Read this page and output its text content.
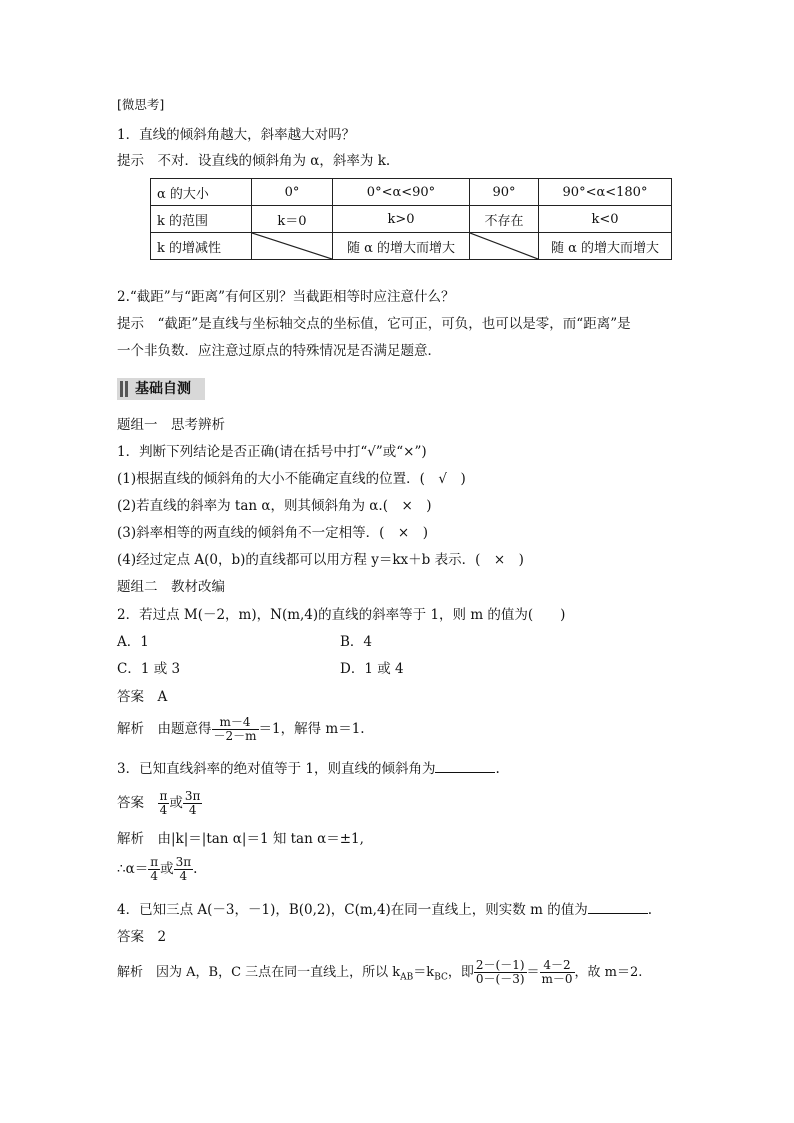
[微思考]
1．直线的倾斜角越大，斜率越大对吗？
提示　不对．设直线的倾斜角为 α，斜率为 k.
α 的大小	0°	0°<α<90°	90°	90°<α<180°
k 的范围	k＝0	k>0	不存在	k<0
k 的增减性		随 α 的增大而增大		随 α 的增大而增大
2.“截距”与“距离”有何区别？当截距相等时应注意什么？
提示　“截距”是直线与坐标轴交点的坐标值，它可正，可负，也可以是零，而“距离”是
一个非负数．应注意过原点的特殊情况是否满足题意．
基础自测
题组一　思考辨析
1．判断下列结论是否正确(请在括号中打“√”或“×”)
(1)根据直线的倾斜角的大小不能确定直线的位置．(　√　)
(2)若直线的斜率为 tan α，则其倾斜角为 α.(　×　)
(3)斜率相等的两直线的倾斜角不一定相等．(　×　)
(4)经过定点 A(0，b)的直线都可以用方程 y＝kx＋b 表示．(　×　)
题组二　教材改编
2．若过点 M(－2，m)，N(m,4)的直线的斜率等于 1，则 m 的值为(　　)
A．1	B．4
C．1 或 3	D．1 或 4
答案　A
解析　由题意得 $\frac{m-4}{-2-m} =1$，解得 m＝1.
3．已知直线斜率的绝对值等于 1，则直线的倾斜角为	.
答案　 $\frac{\pi}{4}$ 或 $\frac{3\pi}{4}$
解析　由|k|＝|tan α|＝1 知 tan α＝±1,
∴α＝ $\frac{\pi}{4}$ 或 $\frac{3\pi}{4}$ .
4．已知三点 A(－3，－1)，B(0,2)，C(m,4)在同一直线上，则实数 m 的值为	.
答案　2
解析　因为 A，B，C 三点在同一直线上，所以 $k_{AB}=k_{BC}$，即 $\frac{2-(-1)}{0-(-3)} = \frac{4-2}{m-0}$ ，故 m＝2.
